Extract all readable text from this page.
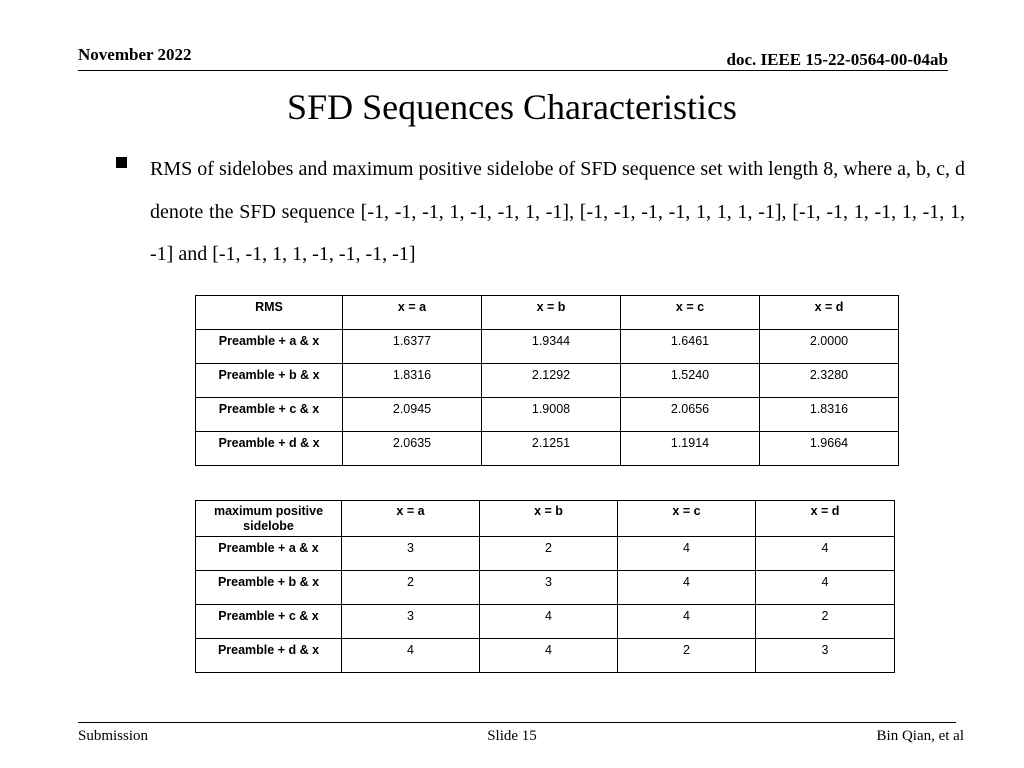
November 2022	doc. IEEE 15-22-0564-00-04ab
SFD Sequences Characteristics
RMS of sidelobes and maximum positive sidelobe of SFD sequence set with length 8, where a, b, c, d denote the SFD sequence [-1, -1, -1, 1, -1, -1, 1, -1], [-1, -1, -1, -1, 1, 1, 1, -1], [-1, -1, 1, -1, 1, -1, 1, -1] and [-1, -1, 1, 1, -1, -1, -1, -1]
RMS	x = a	x = b	x = c	x = d
Preamble + a & x	1.6377	1.9344	1.6461	2.0000
Preamble + b & x	1.8316	2.1292	1.5240	2.3280
Preamble + c & x	2.0945	1.9008	2.0656	1.8316
Preamble + d & x	2.0635	2.1251	1.1914	1.9664
maximum positive sidelobe	x = a	x = b	x = c	x = d
Preamble + a & x	3	2	4	4
Preamble + b & x	2	3	4	4
Preamble + c & x	3	4	4	2
Preamble + d & x	4	4	2	3
Submission	Slide 15	Bin Qian, et al
